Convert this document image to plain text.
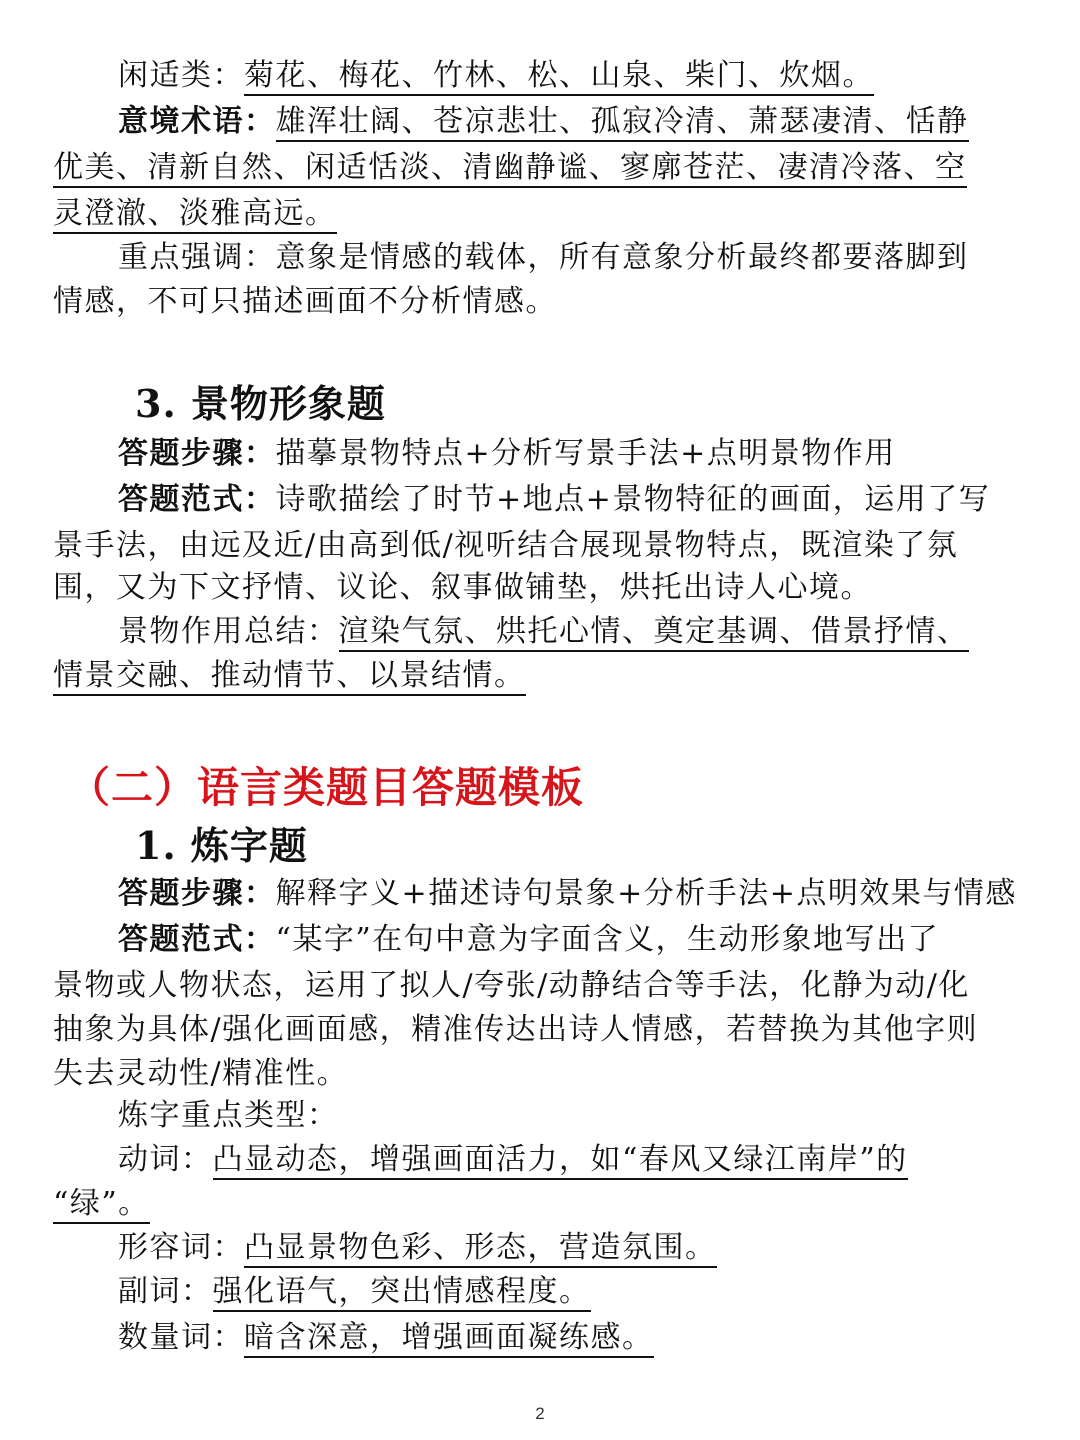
闲适类：菊花、梅花、竹林、松、山泉、柴门、炊烟。
意境术语：雄浑壮阔、苍凉悲壮、孤寂冷清、萧瑟凄清、恬静
优美、清新自然、闲适恬淡、清幽静谧、寥廓苍茫、凄清冷落、空
灵澄澈、淡雅高远。
重点强调：意象是情感的载体，所有意象分析最终都要落脚到
情感，不可只描述画面不分析情感。
3. 景物形象题
答题步骤：描摹景物特点+分析写景手法+点明景物作用
答题范式：诗歌描绘了时节+地点+景物特征的画面，运用了写
景手法，由远及近/由高到低/视听结合展现景物特点，既渲染了氛
围，又为下文抒情、议论、叙事做铺垫，烘托出诗人心境。
景物作用总结：渲染气氛、烘托心情、奠定基调、借景抒情、
情景交融、推动情节、以景结情。
（二）语言类题目答题模板
1. 炼字题
答题步骤：解释字义+描述诗句景象+分析手法+点明效果与情感
答题范式：“某字”在句中意为字面含义，生动形象地写出了
景物或人物状态，运用了拟人/夸张/动静结合等手法，化静为动/化
抽象为具体/强化画面感，精准传达出诗人情感，若替换为其他字则
失去灵动性/精准性。
炼字重点类型：
动词：凸显动态，增强画面活力，如“春风又绿江南岸”的
“绿”。
形容词：凸显景物色彩、形态，营造氛围。
副词：强化语气，突出情感程度。
数量词：暗含深意，增强画面凝练感。
2
